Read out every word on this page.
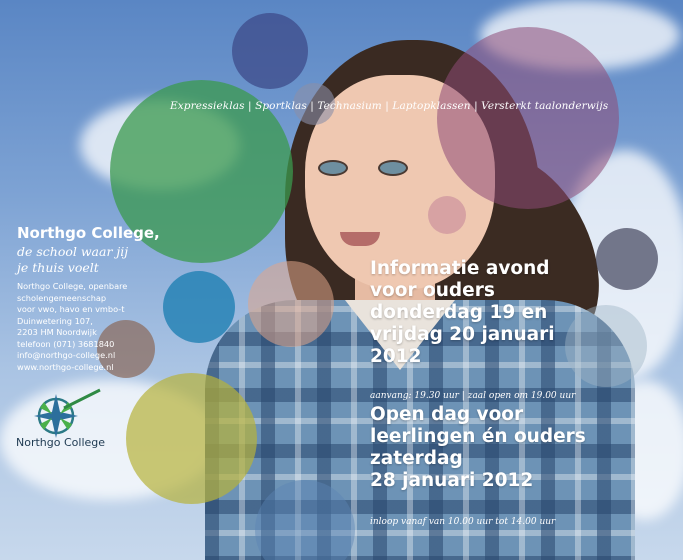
Expressieklas | Sportklas | Technasium | Laptopklassen | Versterkt taalonderwijs
Northgo College,
de school waar jij
je thuis voelt
Northgo College, openbare
scholengemeenschap
voor vwo, havo en vmbo-t
Duinwetering 107,
2203 HM Noordwijk
telefoon (071) 3681840
info@northgo-college.nl
www.northgo-college.nl
Northgo College
Informatie avond
voor ouders
donderdag 19 en
vrijdag 20 januari
2012
aanvang: 19.30 uur | zaal open om 19.00 uur
Open dag voor
leerlingen én ouders
zaterdag
28 januari 2012
inloop vanaf van 10.00 uur tot 14.00 uur
